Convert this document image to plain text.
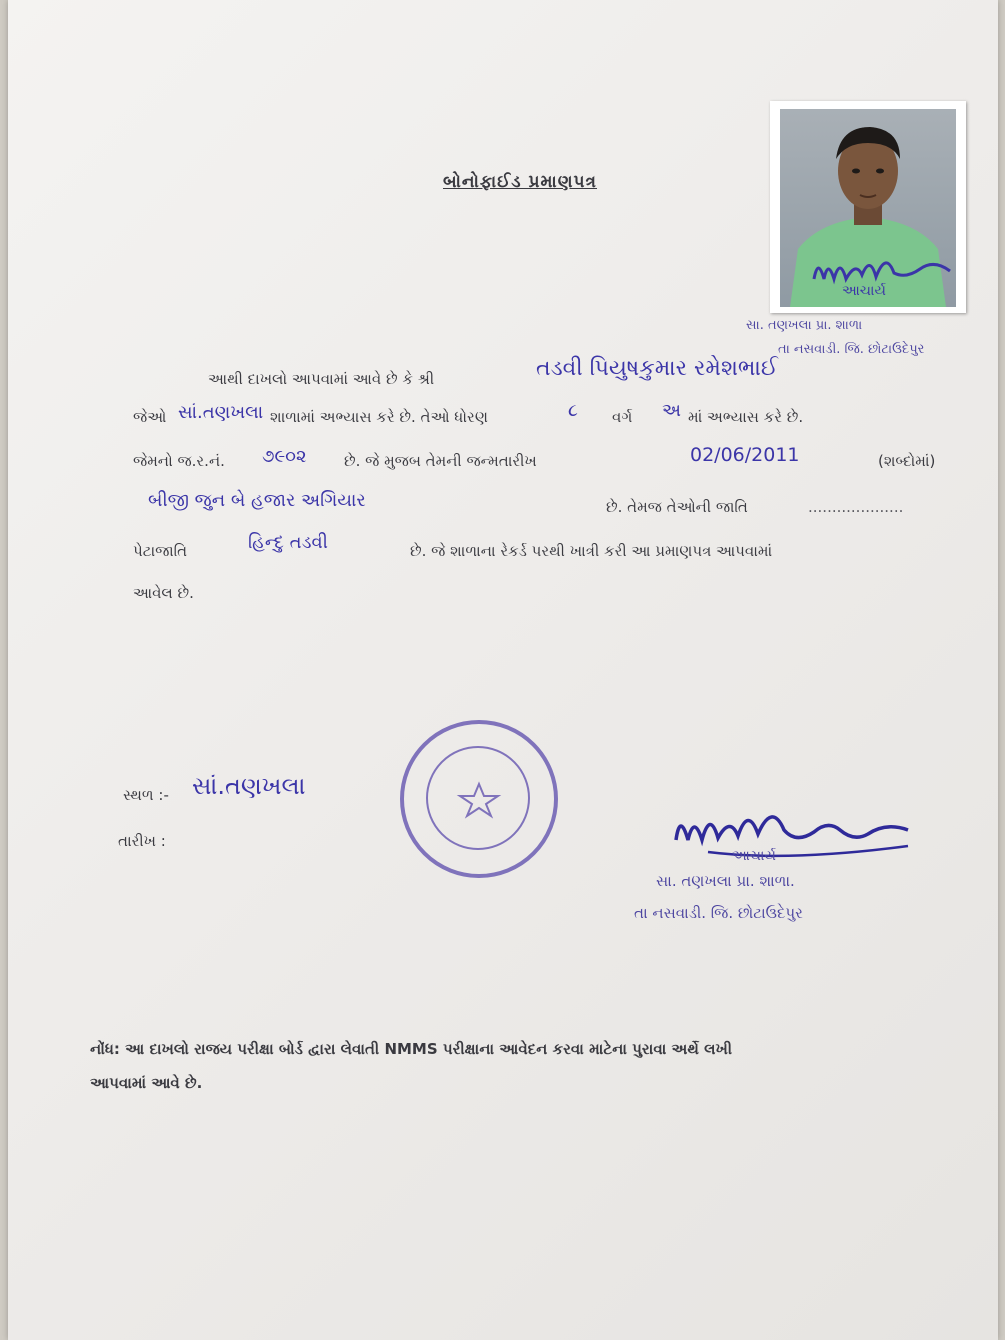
બોનોફાઈડ પ્રમાણપત્ર
આચાર્ય
સા. તણખલા પ્રા. શાળા
તા નસવાડી. જિ. છોટાઉદેપુર
આથી દાખલો આપવામાં આવે છે કે શ્રી	તડવી પિયુષકુમાર રમેશભાઈ
જેઓ સાં.તણખલા શાળામાં અભ્યાસ કરે છે. તેઓ ધોરણ	૮ વર્ગ અ માં અભ્યાસ કરે છે.
જેમનો જ.ર.નં. ૭૯૦૨ છે. જે મુજબ તેમની જન્મતારીખ	02/06/2011	(શબ્દોમાં)
બીજી જુન બે હજાર અગિયાર	છે. તેમજ તેઓની જાતિ	....................
પેટાજાતિ	હિન્દુ તડવી	છે. જે શાળાના રેકર્ડ પરથી ખાત્રી કરી આ પ્રમાણપત્ર આપવામાં
આવેલ છે.
સ્થળ :- સાં.તણખલા
તારીખ :
આચાર્ય
સા. તણખલા પ્રા. શાળા.
તા નસવાડી. જિ. છોટાઉદેપુર
નોંધ: આ દાખલો રાજય પરીક્ષા બોર્ડ દ્વારા લેવાતી NMMS પરીક્ષાના આવેદન કરવા માટેના પુરાવા અર્થે લખી
આપવામાં આવે છે.
